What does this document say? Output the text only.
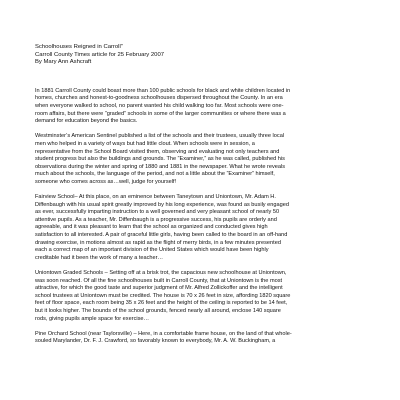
Schoolhouses Reigned in Carroll”
Carroll County Times article for 25 February 2007
By Mary Ann Ashcraft
In 1881 Carroll County could boast more than 100 public schools for black and white children located in
homes, churches and honest-to-goodness schoolhouses dispersed throughout the County. In an era
when everyone walked to school, no parent wanted his child walking too far. Most schools were one-
room affairs, but there were “graded” schools in some of the larger communities or where there was a
demand for education beyond the basics.
Westminster’s American Sentinel published a list of the schools and their trustees, usually three local
men who helped in a variety of ways but had little clout. When schools were in session, a
representative from the School Board visited them, observing and evaluating not only teachers and
student progress but also the buildings and grounds. The “Examiner,” as he was called, published his
observations during the winter and spring of 1880 and 1881 in the newspaper. What he wrote reveals
much about the schools, the language of the period, and not a little about the “Examiner” himself,
someone who comes across as…well, judge for yourself!
Fairview School– At this place, on an eminence between Taneytown and Uniontown, Mr. Adam H.
Diffenbaugh with his usual spirit greatly improved by his long experience, was found as busily engaged
as ever, successfully imparting instruction to a well governed and very pleasant school of nearly 50
attentive pupils. As a teacher, Mr. Diffenbaugh is a progressive success, his pupils are orderly and
agreeable, and it was pleasant to learn that the school as organized and conducted gives high
satisfaction to all interested. A pair of graceful little girls, having been called to the board in an off-hand
drawing exercise, in motions almost as rapid as the flight of merry birds, in a few minutes presented
each a correct map of an important division of the United States which would have been highly
creditable had it been the work of many a teacher…
Uniontown Graded Schools – Setting off at a brisk trot, the capacious new schoolhouse at Uniontown,
was soon reached. Of all the fine schoolhouses built in Carroll County, that at Uniontown is the most
attractive, for which the good taste and superior judgment of Mr. Alfred Zollickoffer and the intelligent
school trustees at Uniontown must be credited. The house is 70 x 26 feet in size, affording 1820 square
feet of floor space, each room being 35 x 26 feet and the height of the ceiling is reported to be 14 feet,
but it looks higher. The bounds of the school grounds, fenced nearly all around, enclose 140 square
rods, giving pupils ample space for exercise…
Pine Orchard School (near Taylorsville) – Here, in a comfortable frame house, on the land of that whole-
souled Marylander, Dr. F. J. Crawford, so favorably known to everybody, Mr. A. W. Buckingham, a
